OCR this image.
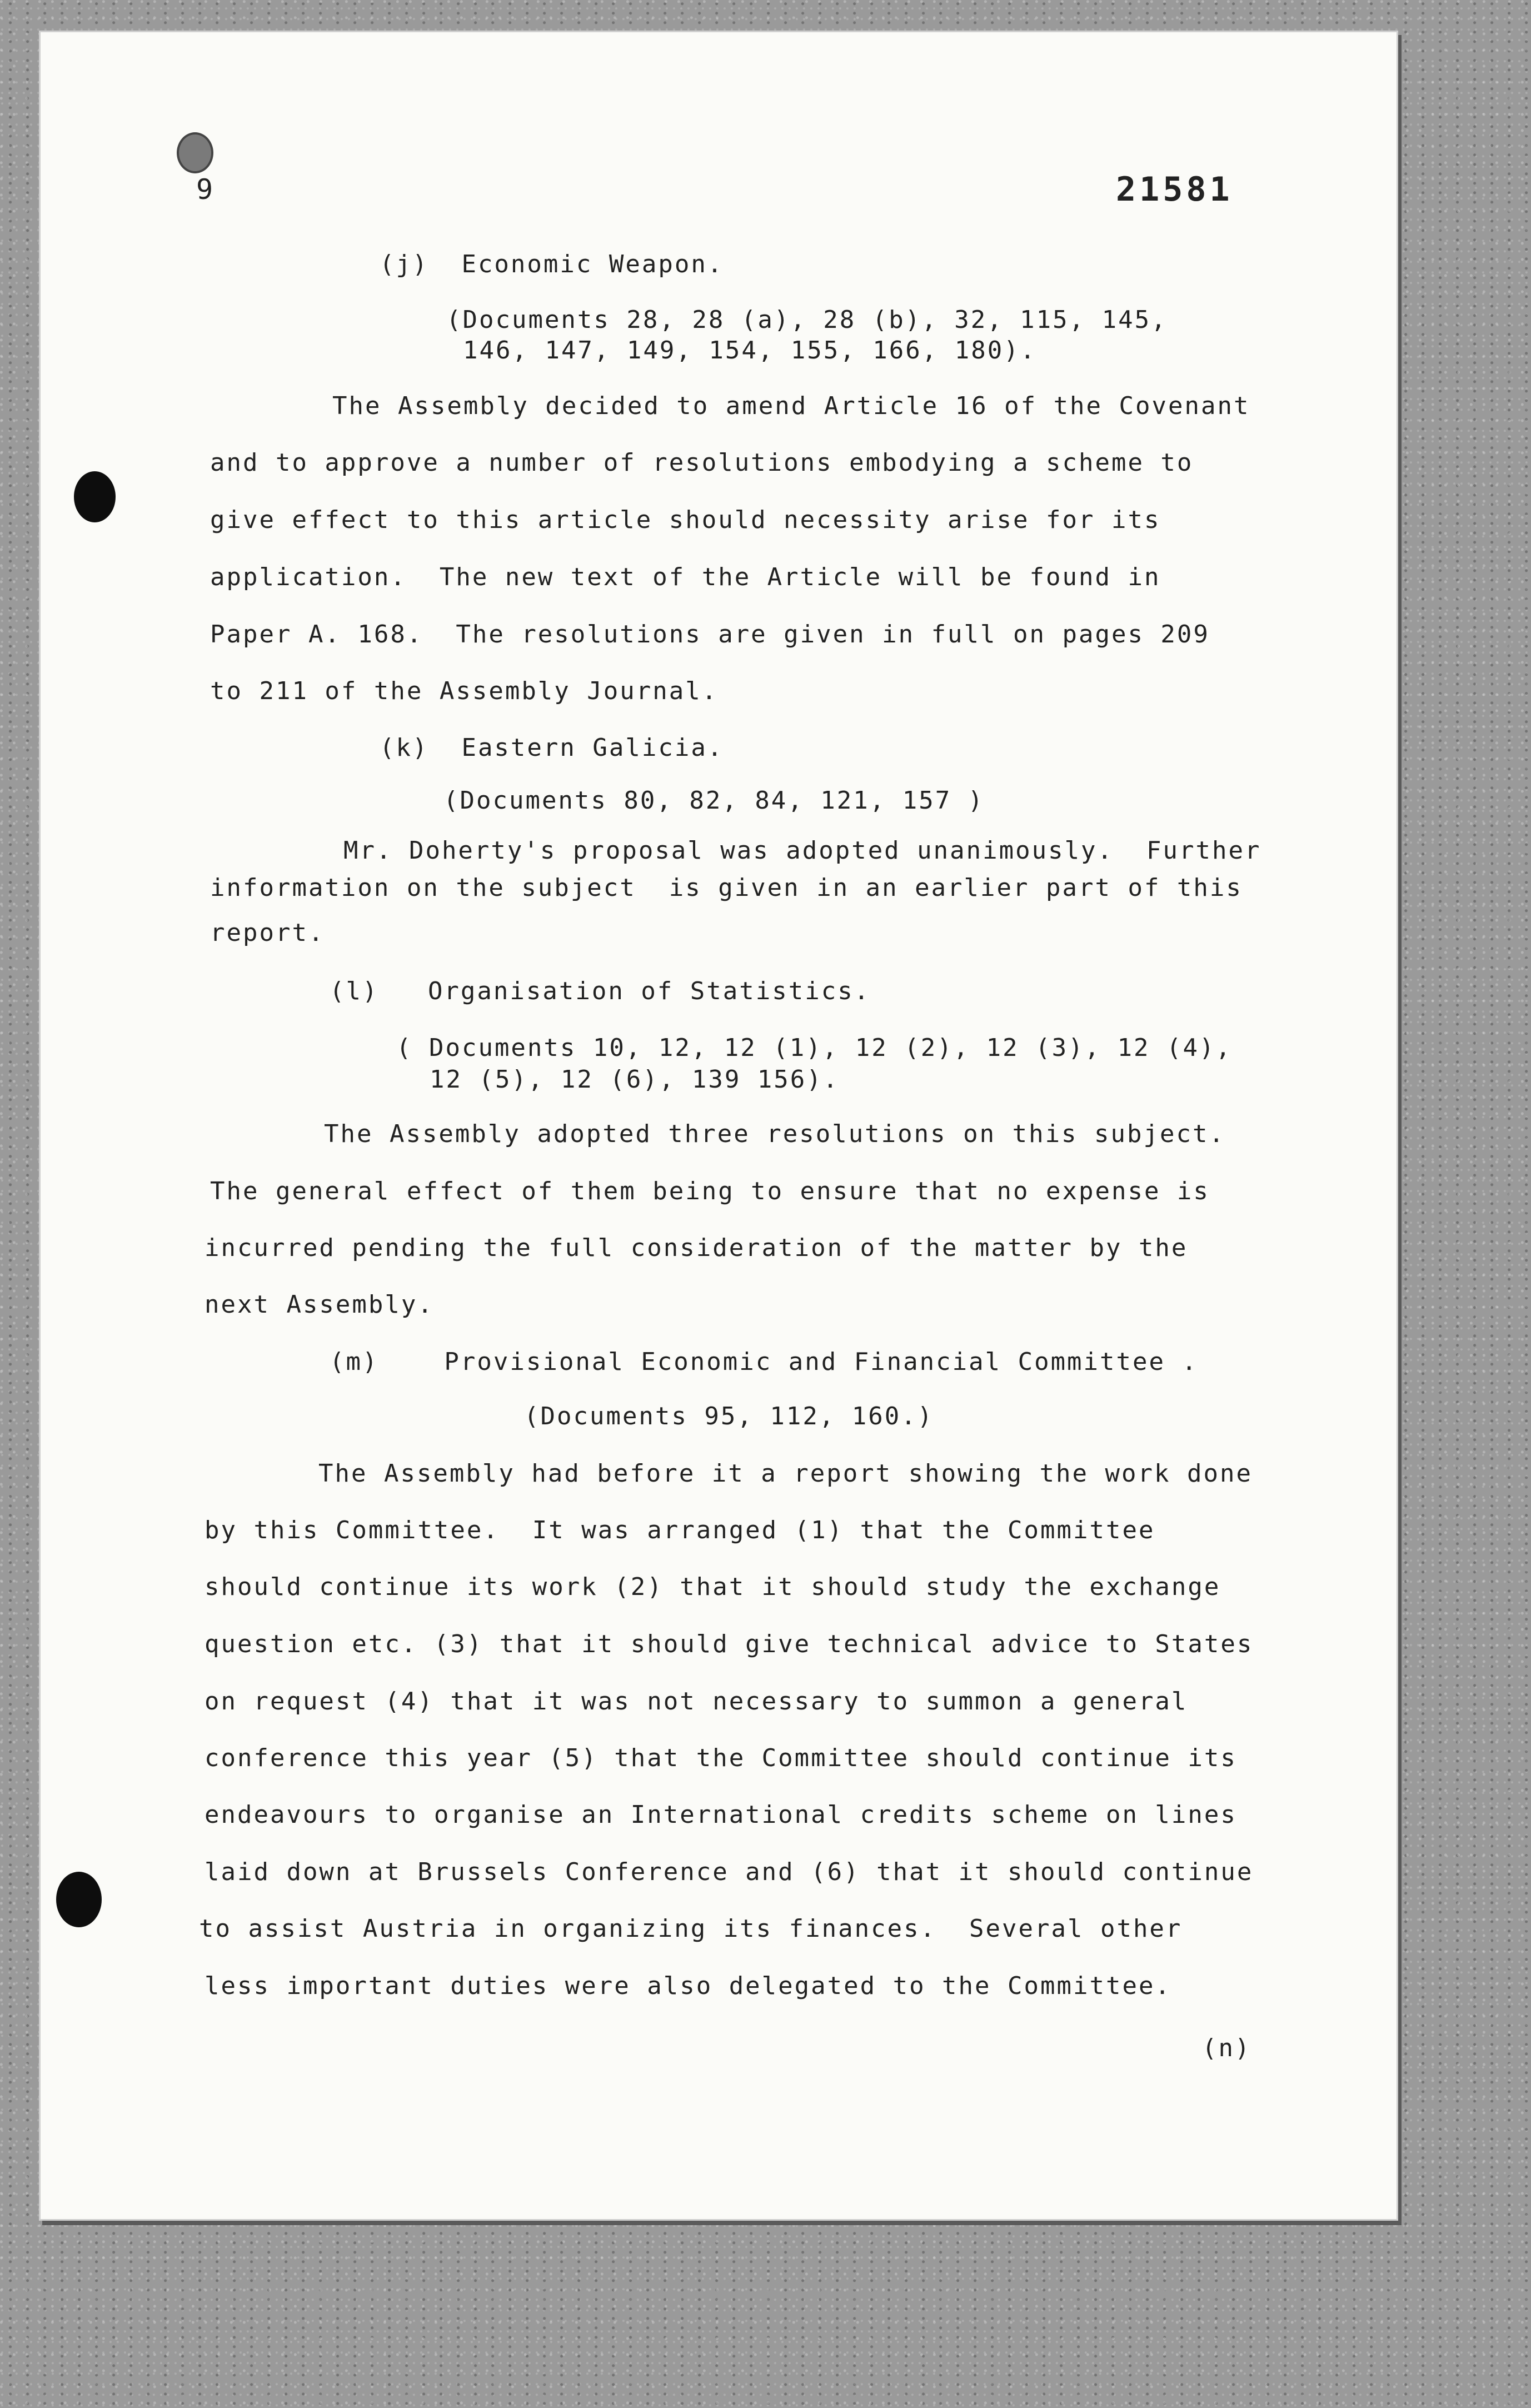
9	21581

(j)  Economic Weapon.

(Documents 28, 28 (a), 28 (b), 32, 115, 145,

146, 147, 149, 154, 155, 166, 180).

The Assembly decided to amend Article 16 of the Covenant

and to approve a number of resolutions embodying a scheme to

give effect to this article should necessity arise for its

application.  The new text of the Article will be found in

Paper A. 168.  The resolutions are given in full on pages 209

to 211 of the Assembly Journal.

(k)  Eastern Galicia.

(Documents 80, 82, 84, 121, 157 )

Mr. Doherty's proposal was adopted unanimously.  Further

information on the subject  is given in an earlier part of this

report.

(l)   Organisation of Statistics.

( Documents 10, 12, 12 (1), 12 (2), 12 (3), 12 (4),

12 (5), 12 (6), 139 156).

The Assembly adopted three resolutions on this subject.

The general effect of them being to ensure that no expense is

incurred pending the full consideration of the matter by the

next Assembly.

(m)    Provisional Economic and Financial Committee .

(Documents 95, 112, 160.)

The Assembly had before it a report showing the work done

by this Committee.  It was arranged (1) that the Committee

should continue its work (2) that it should study the exchange

question etc. (3) that it should give technical advice to States

on request (4) that it was not necessary to summon a general

conference this year (5) that the Committee should continue its

endeavours to organise an International credits scheme on lines

laid down at Brussels Conference and (6) that it should continue

to assist Austria in organizing its finances.  Several other

less important duties were also delegated to the Committee.

(n)
